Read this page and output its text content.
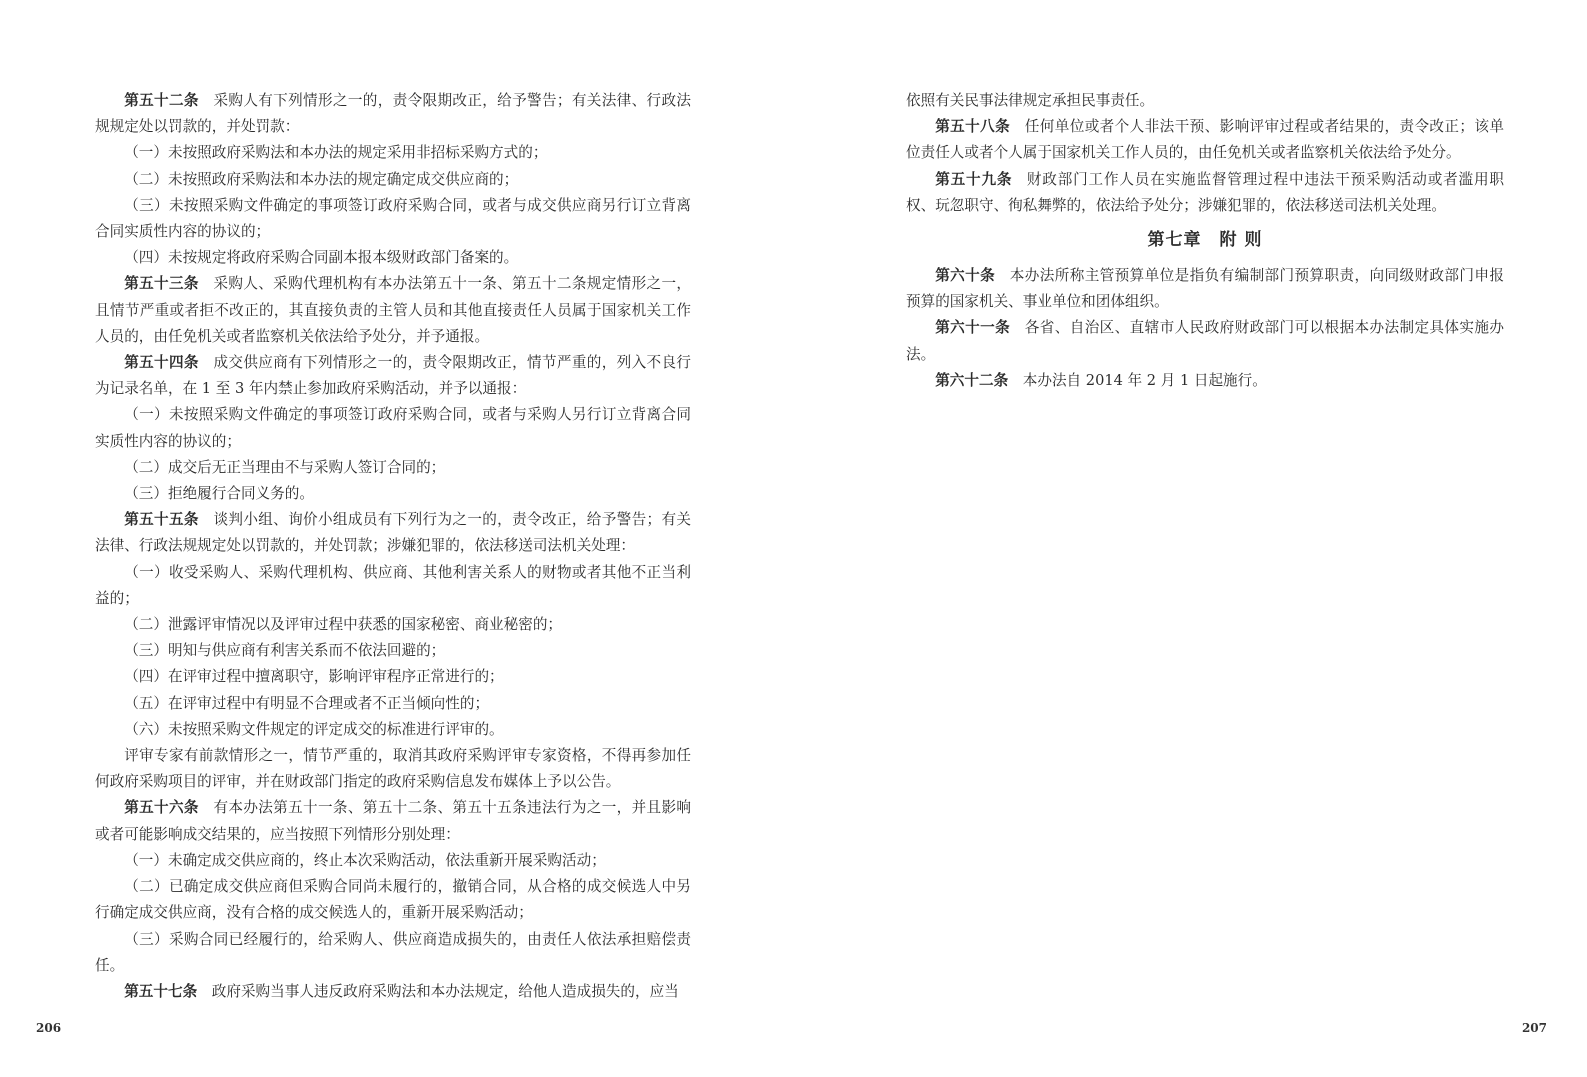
第五十二条 采购人有下列情形之一的，责令限期改正，给予警告；有关法律、行政法规规定处以罚款的，并处罚款：

（一）未按照政府采购法和本办法的规定采用非招标采购方式的；

（二）未按照政府采购法和本办法的规定确定成交供应商的；

（三）未按照采购文件确定的事项签订政府采购合同，或者与成交供应商另行订立背离合同实质性内容的协议的；

（四）未按规定将政府采购合同副本报本级财政部门备案的。

第五十三条 采购人、采购代理机构有本办法第五十一条、第五十二条规定情形之一，且情节严重或者拒不改正的，其直接负责的主管人员和其他直接责任人员属于国家机关工作人员的，由任免机关或者监察机关依法给予处分，并予通报。

第五十四条 成交供应商有下列情形之一的，责令限期改正，情节严重的，列入不良行为记录名单，在 1 至 3 年内禁止参加政府采购活动，并予以通报：

（一）未按照采购文件确定的事项签订政府采购合同，或者与采购人另行订立背离合同实质性内容的协议的；

（二）成交后无正当理由不与采购人签订合同的；

（三）拒绝履行合同义务的。

第五十五条 谈判小组、询价小组成员有下列行为之一的，责令改正，给予警告；有关法律、行政法规规定处以罚款的，并处罚款；涉嫌犯罪的，依法移送司法机关处理：

（一）收受采购人、采购代理机构、供应商、其他利害关系人的财物或者其他不正当利益的；

（二）泄露评审情况以及评审过程中获悉的国家秘密、商业秘密的；

（三）明知与供应商有利害关系而不依法回避的；

（四）在评审过程中擅离职守，影响评审程序正常进行的；

（五）在评审过程中有明显不合理或者不正当倾向性的；

（六）未按照采购文件规定的评定成交的标准进行评审的。

评审专家有前款情形之一，情节严重的，取消其政府采购评审专家资格，不得再参加任何政府采购项目的评审，并在财政部门指定的政府采购信息发布媒体上予以公告。

第五十六条 有本办法第五十一条、第五十二条、第五十五条违法行为之一，并且影响或者可能影响成交结果的，应当按照下列情形分别处理：

（一）未确定成交供应商的，终止本次采购活动，依法重新开展采购活动；

（二）已确定成交供应商但采购合同尚未履行的，撤销合同，从合格的成交候选人中另行确定成交供应商，没有合格的成交候选人的，重新开展采购活动；

（三）采购合同已经履行的，给采购人、供应商造成损失的，由责任人依法承担赔偿责任。

第五十七条 政府采购当事人违反政府采购法和本办法规定，给他人造成损失的，应当

206

依照有关民事法律规定承担民事责任。

第五十八条 任何单位或者个人非法干预、影响评审过程或者结果的，责令改正；该单位责任人或者个人属于国家机关工作人员的，由任免机关或者监察机关依法给予处分。

第五十九条 财政部门工作人员在实施监督管理过程中违法干预采购活动或者滥用职权、玩忽职守、徇私舞弊的，依法给予处分；涉嫌犯罪的，依法移送司法机关处理。

第七章　附 则

第六十条 本办法所称主管预算单位是指负有编制部门预算职责，向同级财政部门申报预算的国家机关、事业单位和团体组织。

第六十一条 各省、自治区、直辖市人民政府财政部门可以根据本办法制定具体实施办法。

第六十二条 本办法自 2014 年 2 月 1 日起施行。

207
